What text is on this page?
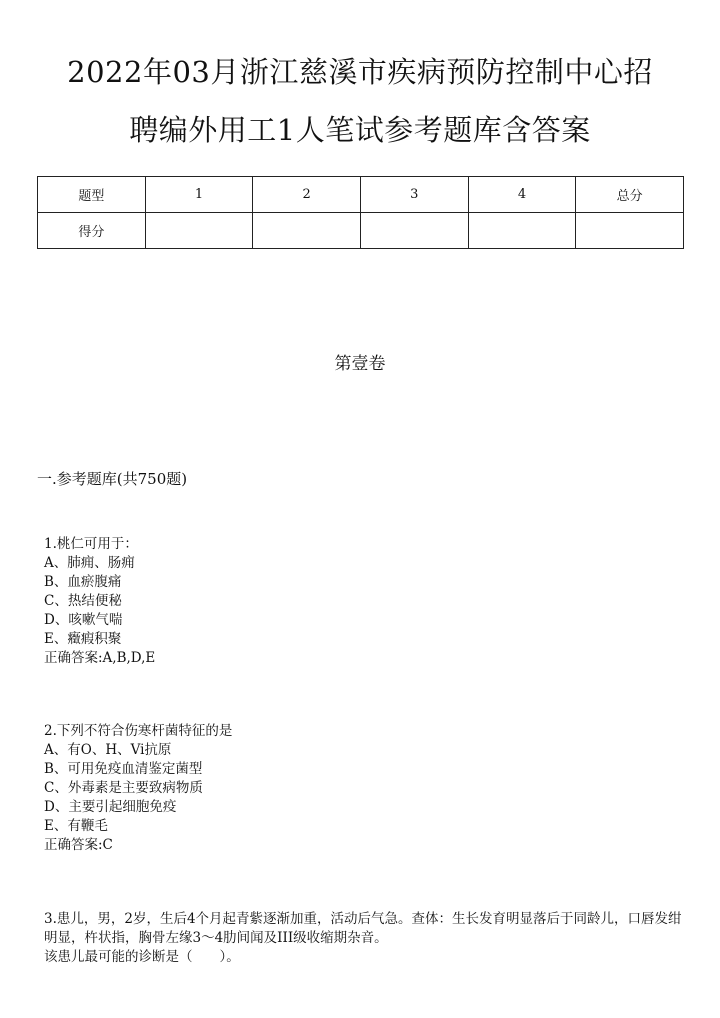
2022年03月浙江慈溪市疾病预防控制中心招
聘编外用工1人笔试参考题库含答案
题型	1	2	3	4	总分
得分					
第壹卷
一.参考题库(共750题)
1.桃仁可用于：
A、肺痈、肠痈
B、血瘀腹痛
C、热结便秘
D、咳嗽气喘
E、癥瘕积聚
正确答案:A,B,D,E
2.下列不符合伤寒杆菌特征的是
A、有O、H、Vi抗原
B、可用免疫血清鉴定菌型
C、外毒素是主要致病物质
D、主要引起细胞免疫
E、有鞭毛
正确答案:C
3.患儿，男，2岁，生后4个月起青紫逐渐加重，活动后气急。查体：生长发育明显落后于同龄儿，口唇发绀明显，杵状指，胸骨左缘3～4肋间闻及III级收缩期杂音。
该患儿最可能的诊断是（　　）。
